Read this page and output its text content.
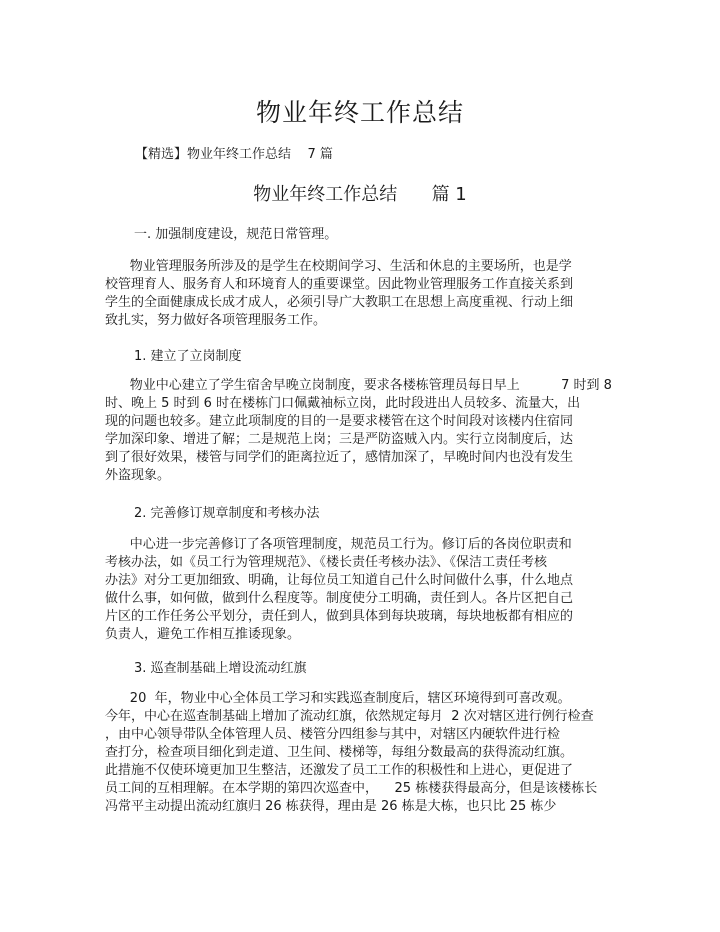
物业年终工作总结
【精选】物业年终工作总结    7 篇
物业年终工作总结      篇 1
一. 加强制度建设，规范日常管理。
物业管理服务所涉及的是学生在校期间学习、生活和休息的主要场所，也是学
校管理育人、服务育人和环境育人的重要课堂。因此物业管理服务工作直接关系到
学生的全面健康成长成才成人，必须引导广大教职工在思想上高度重视、行动上细
致扎实，努力做好各项管理服务工作。
1. 建立了立岗制度
物业中心建立了学生宿舍早晚立岗制度，要求各楼栋管理员每日早上          7 时到 8
时、晚上 5 时到 6 时在楼栋门口佩戴袖标立岗，此时段进出人员较多、流量大，出
现的问题也较多。建立此项制度的目的一是要求楼管在这个时间段对该楼内住宿同
学加深印象、增进了解；二是规范上岗；三是严防盗贼入内。实行立岗制度后，达
到了很好效果，楼管与同学们的距离拉近了，感情加深了，早晚时间内也没有发生
外盗现象。
2. 完善修订规章制度和考核办法
中心进一步完善修订了各项管理制度，规范员工行为。修订后的各岗位职责和
考核办法，如《员工行为管理规范》、《楼长责任考核办法》、《保洁工责任考核
办法》对分工更加细致、明确，让每位员工知道自己什么时间做什么事，什么地点
做什么事，如何做，做到什么程度等。制度使分工明确，责任到人。各片区把自己
片区的工作任务公平划分，责任到人，做到具体到每块玻璃，每块地板都有相应的
负责人，避免工作相互推诿现象。
3. 巡查制基础上增设流动红旗
20  年，物业中心全体员工学习和实践巡查制度后，辖区环境得到可喜改观。
今年，中心在巡查制基础上增加了流动红旗，依然规定每月  2 次对辖区进行例行检查
，由中心领导带队全体管理人员、楼管分四组参与其中，对辖区内硬软件进行检
查打分，检查项目细化到走道、卫生间、楼梯等，每组分数最高的获得流动红旗。
此措施不仅使环境更加卫生整洁，还激发了员工工作的积极性和上进心，更促进了
员工间的互相理解。在本学期的第四次巡查中，    25 栋楼获得最高分，但是该楼栋长
冯常平主动提出流动红旗归 26 栋获得，理由是 26 栋是大栋，也只比 25 栋少
